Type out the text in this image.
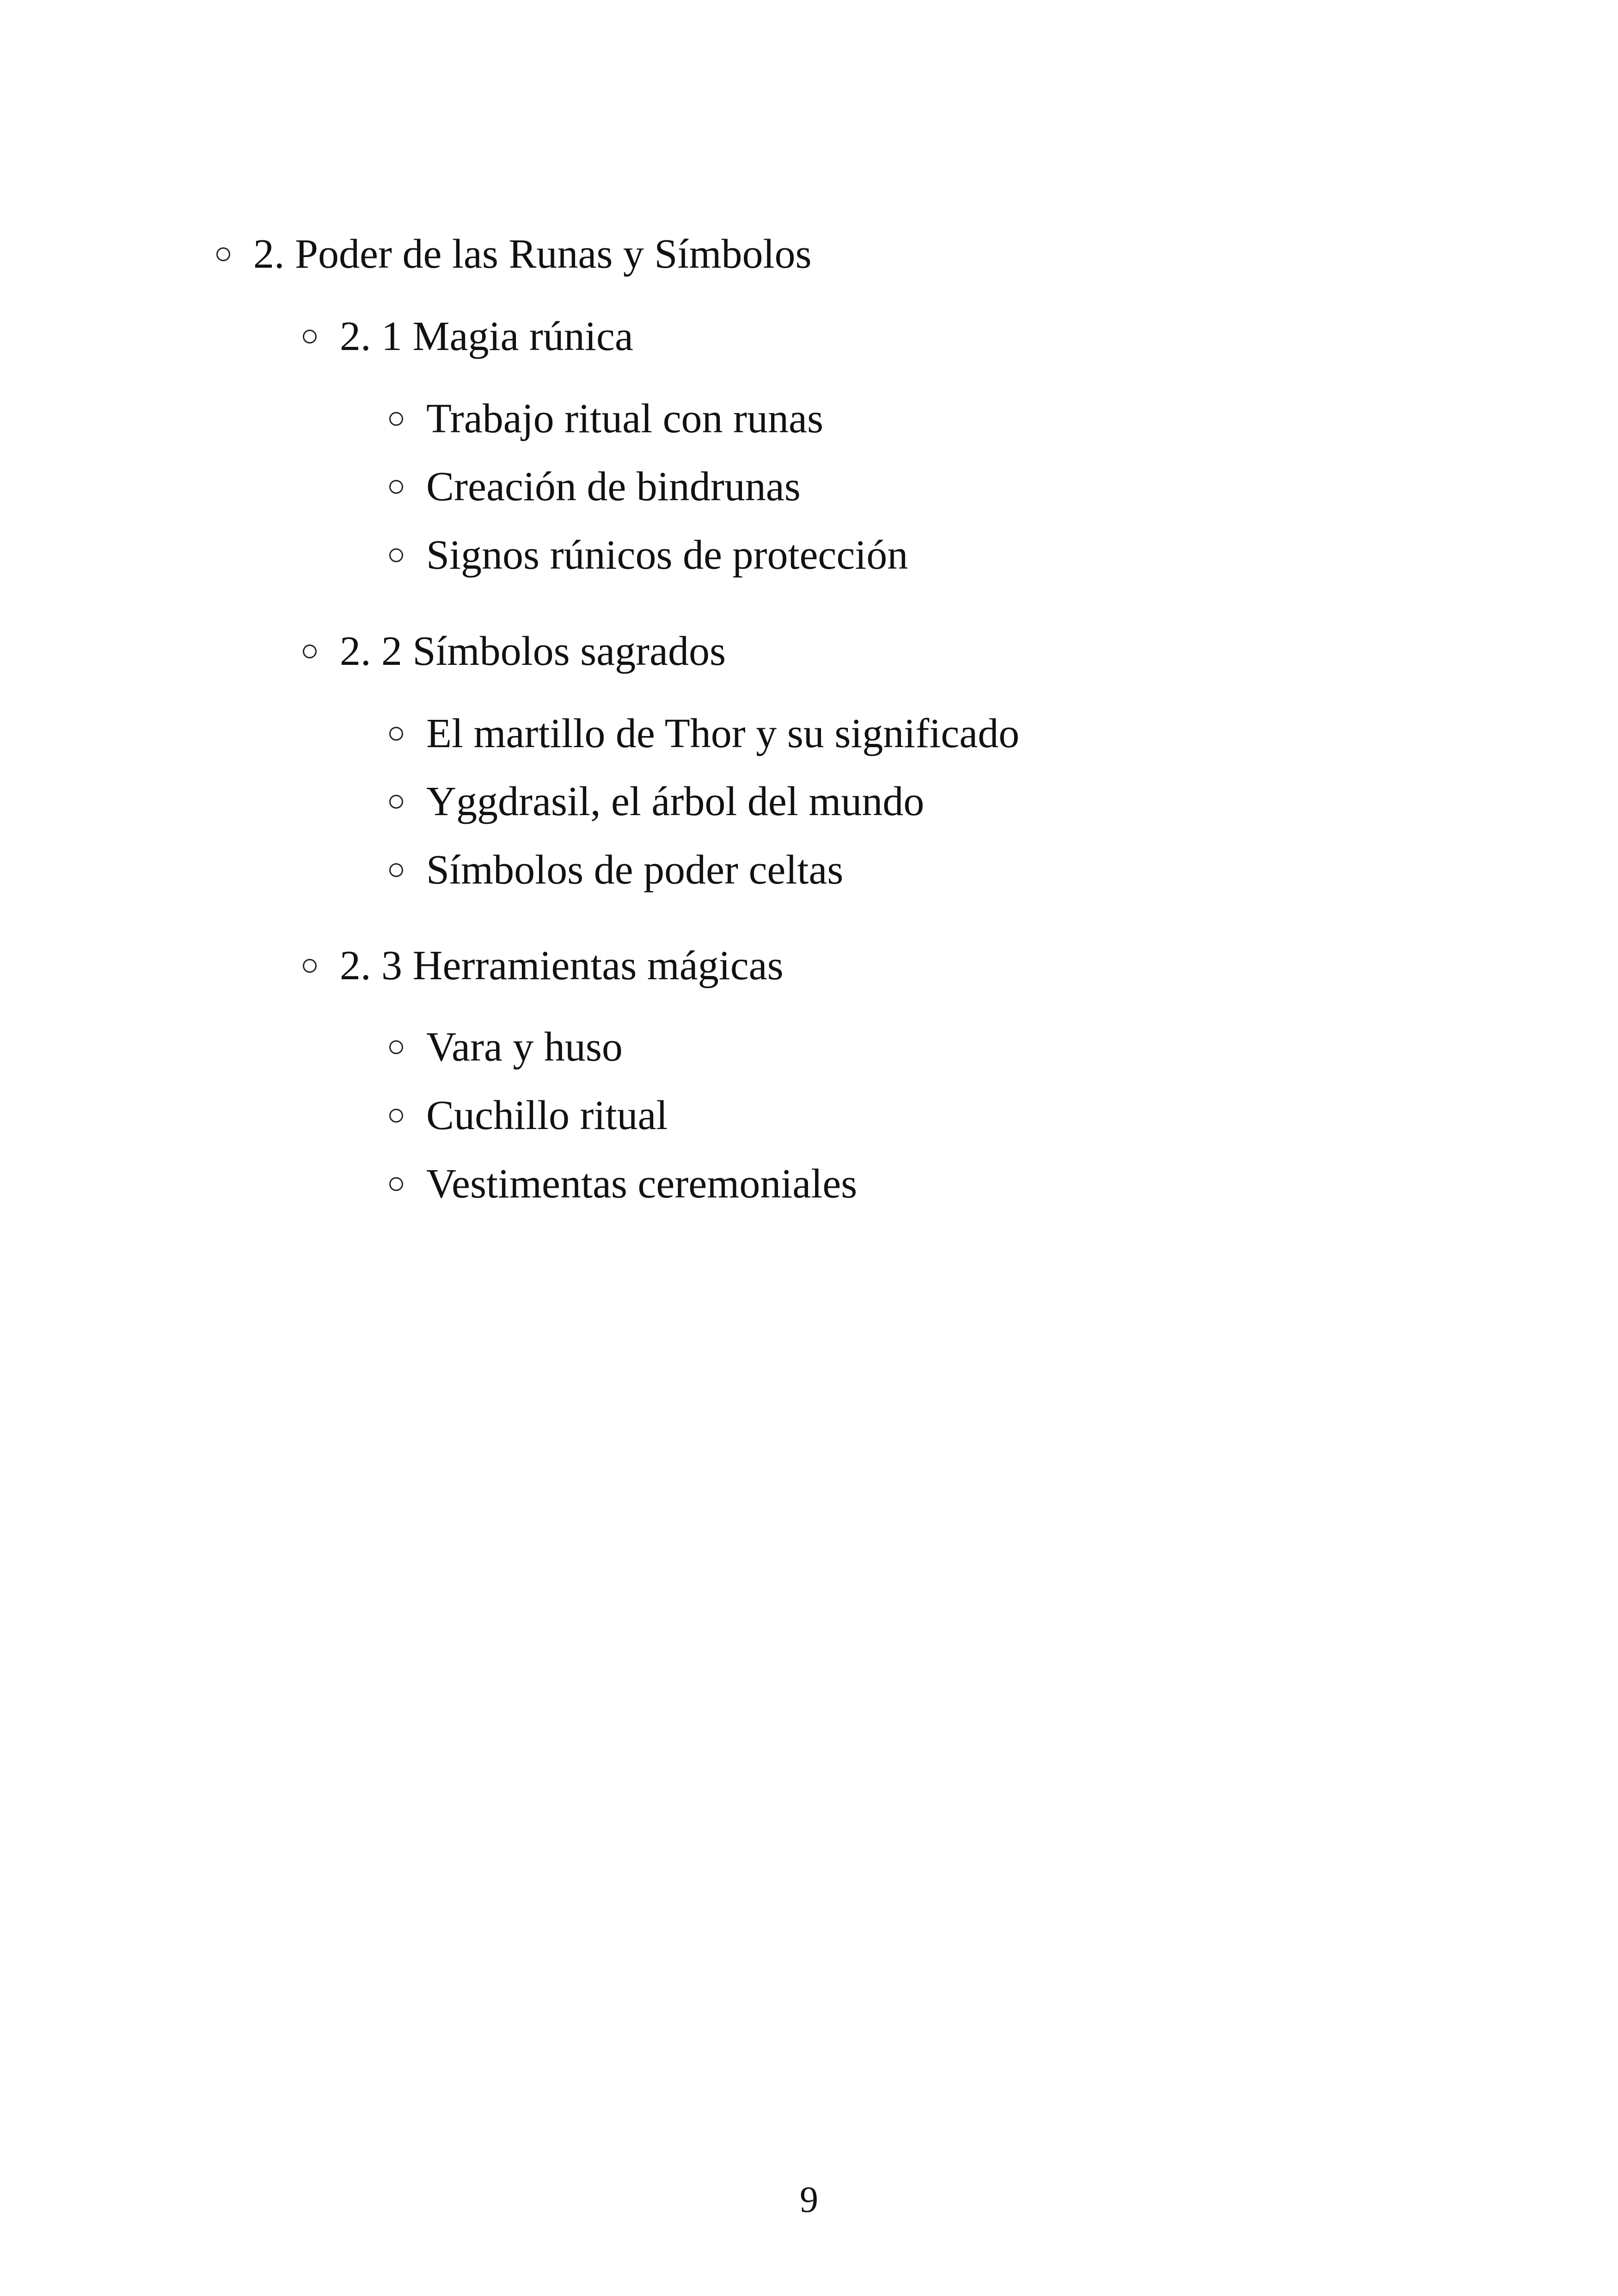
2. Poder de las Runas y Símbolos
2. 1 Magia rúnica
Trabajo ritual con runas
Creación de bindrunas
Signos rúnicos de protección
2. 2 Símbolos sagrados
El martillo de Thor y su significado
Yggdrasil, el árbol del mundo
Símbolos de poder celtas
2. 3 Herramientas mágicas
Vara y huso
Cuchillo ritual
Vestimentas ceremoniales
9
